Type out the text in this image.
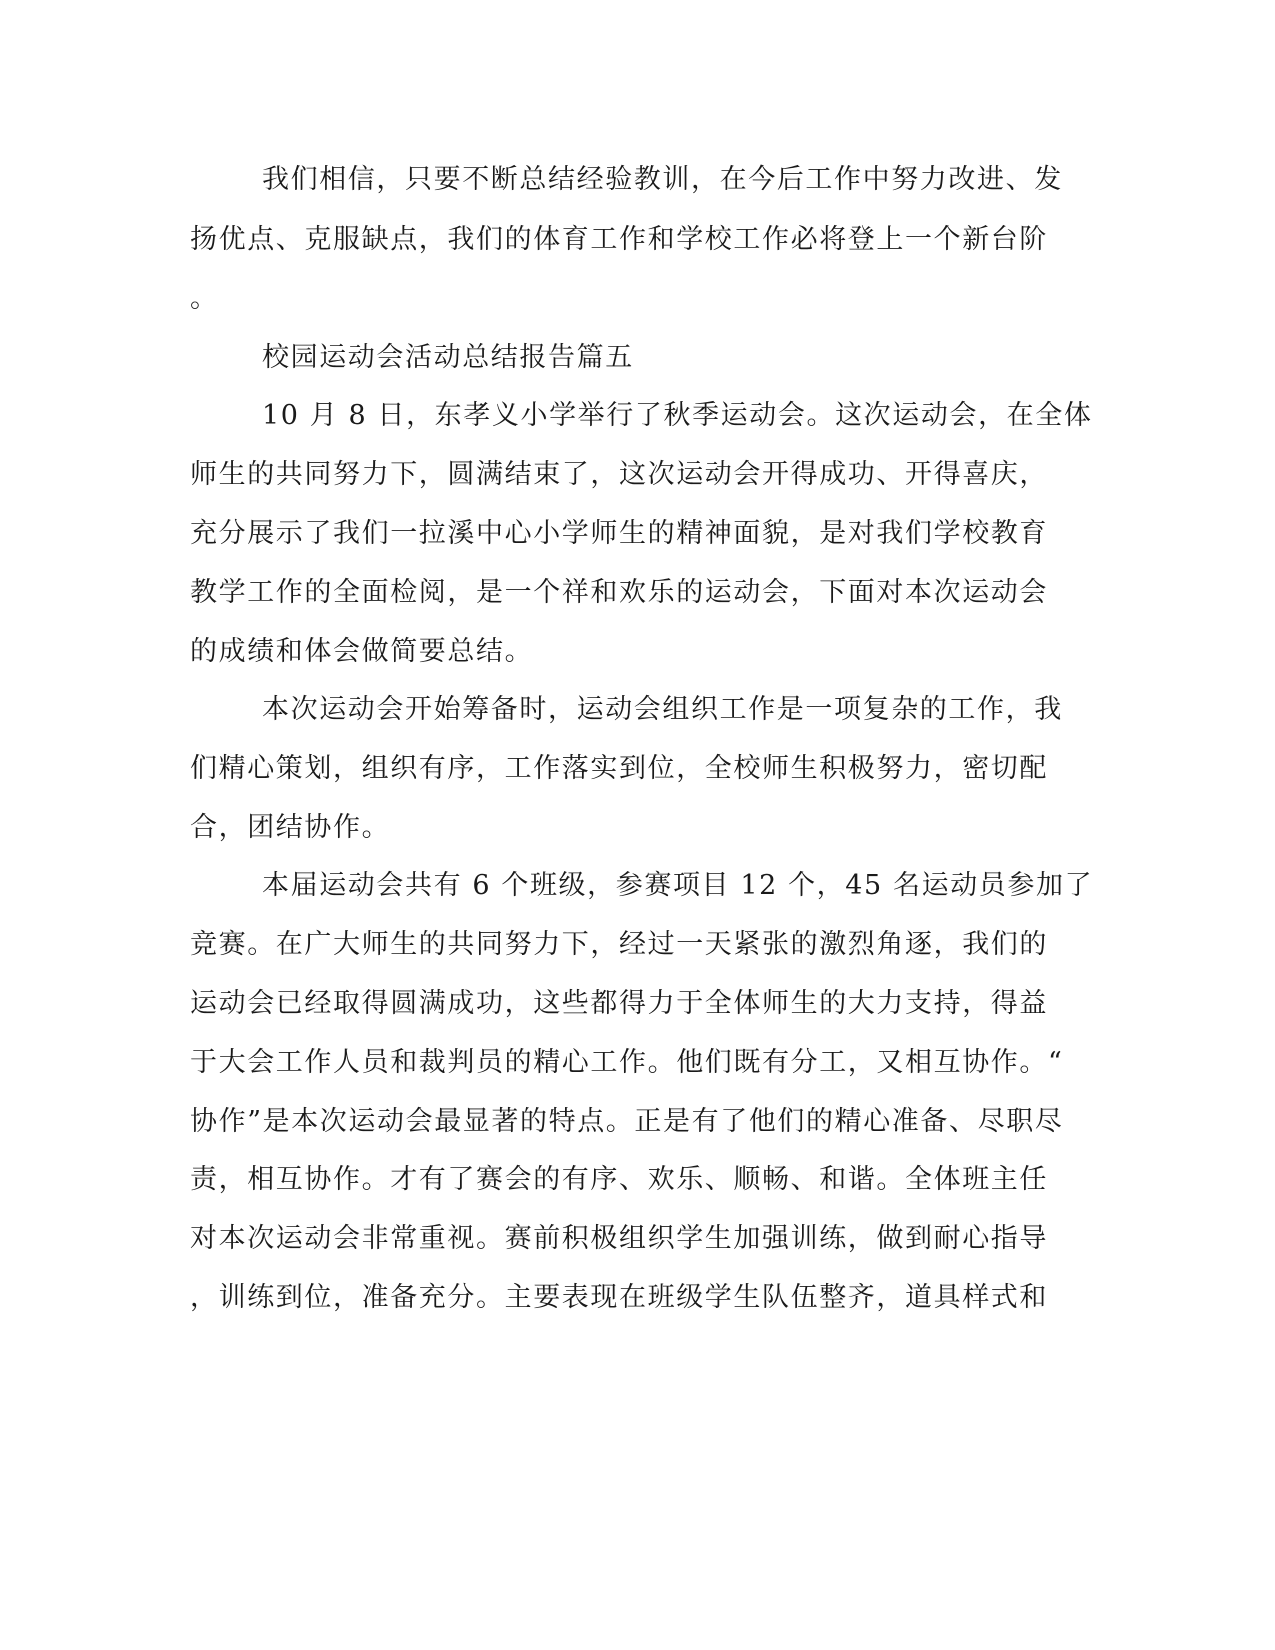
我们相信，只要不断总结经验教训，在今后工作中努力改进、发
扬优点、克服缺点，我们的体育工作和学校工作必将登上一个新台阶
。
校园运动会活动总结报告篇五
10 月 8 日，东孝义小学举行了秋季运动会。这次运动会，在全体
师生的共同努力下，圆满结束了，这次运动会开得成功、开得喜庆，
充分展示了我们一拉溪中心小学师生的精神面貌，是对我们学校教育
教学工作的全面检阅，是一个祥和欢乐的运动会，下面对本次运动会
的成绩和体会做简要总结。
本次运动会开始筹备时，运动会组织工作是一项复杂的工作，我
们精心策划，组织有序，工作落实到位，全校师生积极努力，密切配
合，团结协作。
本届运动会共有 6 个班级，参赛项目 12 个，45 名运动员参加了
竞赛。在广大师生的共同努力下，经过一天紧张的激烈角逐，我们的
运动会已经取得圆满成功，这些都得力于全体师生的大力支持，得益
于大会工作人员和裁判员的精心工作。他们既有分工，又相互协作。“
协作”是本次运动会最显著的特点。正是有了他们的精心准备、尽职尽
责，相互协作。才有了赛会的有序、欢乐、顺畅、和谐。全体班主任
对本次运动会非常重视。赛前积极组织学生加强训练，做到耐心指导
，训练到位，准备充分。主要表现在班级学生队伍整齐，道具样式和
